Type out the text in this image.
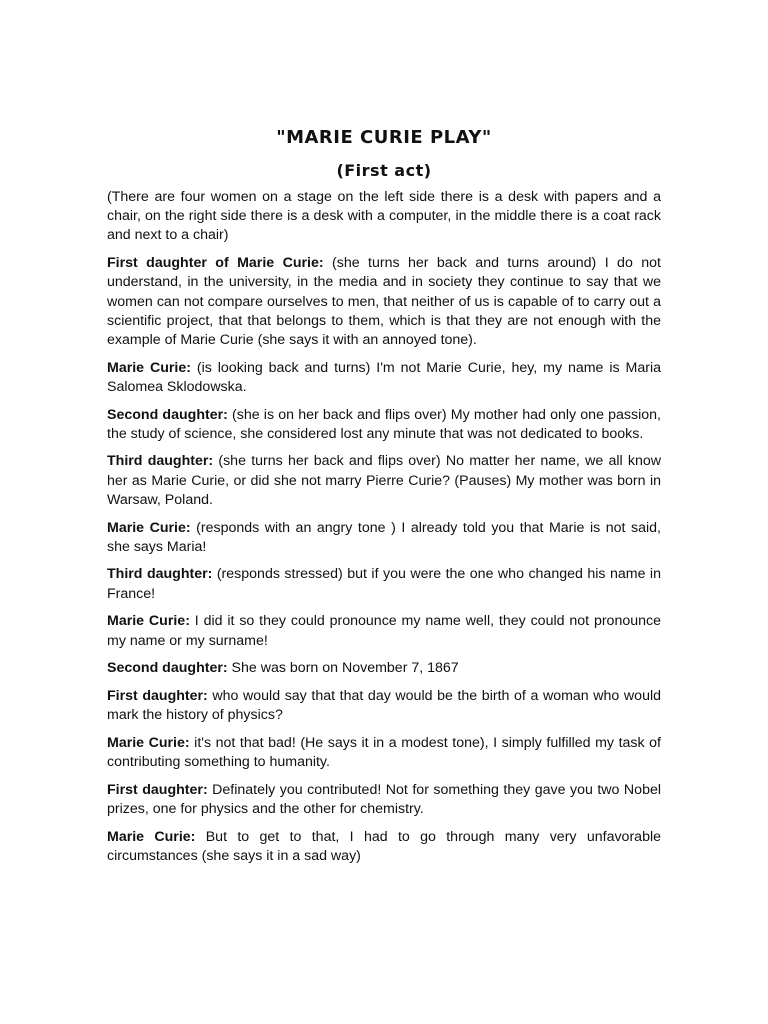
"MARIE CURIE PLAY"
(First act)

(There are four women on a stage on the left side there is a desk with papers and a chair, on the right side there is a desk with a computer, in the middle there is a coat rack and next to a chair)

First daughter of Marie Curie: (she turns her back and turns around) I do not understand, in the university, in the media and in society they continue to say that we women can not compare ourselves to men, that neither of us is capable of to carry out a scientific project, that that belongs to them, which is that they are not enough with the example of Marie Curie (she says it with an annoyed tone).

Marie Curie: (is looking back and turns) I'm not Marie Curie, hey, my name is Maria Salomea Sklodowska.

Second daughter: (she is on her back and flips over) My mother had only one passion, the study of science, she considered lost any minute that was not dedicated to books.

Third daughter: (she turns her back and flips over) No matter her name, we all know her as Marie Curie, or did she not marry Pierre Curie? (Pauses) My mother was born in Warsaw, Poland.

Marie Curie: (responds with an angry tone ) I already told you that Marie is not said, she says Maria!

Third daughter: (responds stressed) but if you were the one who changed his name in France!

Marie Curie: I did it so they could pronounce my name well, they could not pronounce my name or my surname!

Second daughter: She was born on November 7, 1867

First daughter: who would say that that day would be the birth of a woman who would mark the history of physics?

Marie Curie: it's not that bad! (He says it in a modest tone), I simply fulfilled my task of contributing something to humanity.

First daughter: Definately you contributed! Not for something they gave you two Nobel prizes, one for physics and the other for chemistry.

Marie Curie: But to get to that, I had to go through many very unfavorable circumstances (she says it in a sad way)
